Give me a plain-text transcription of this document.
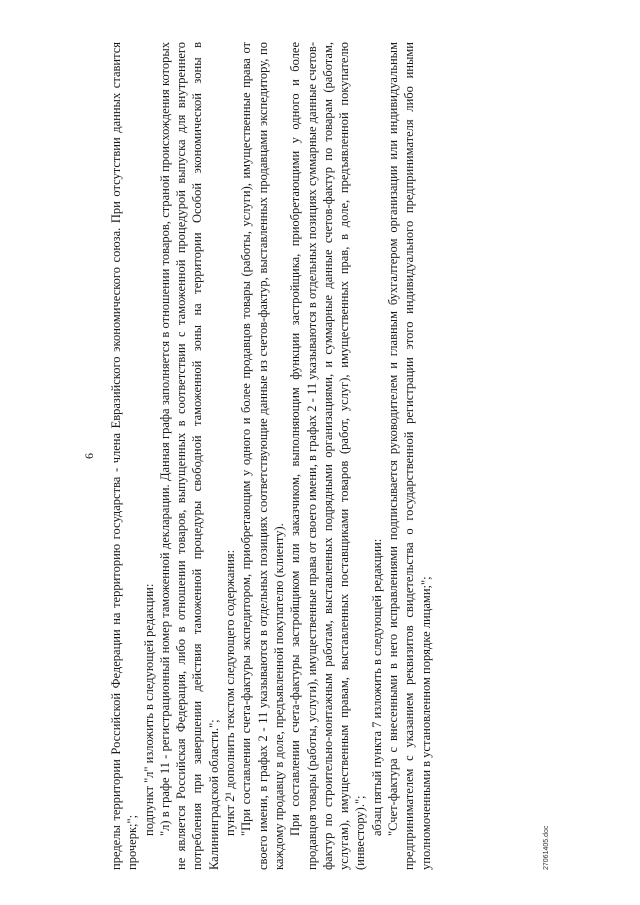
6 пределы территории Российской Федерации на территорию государства - члена Евразийского экономического союза. При отсутствии данных ставится прочерк;";

подпункт "л" изложить в следующей редакции: "л) в графе 11 - регистрационный номер таможенной декларации. Данная графа заполняется в отношении товаров, страной происхождения которых не является Российская Федерация, либо в отношении товаров, выпущенных в соответствии с таможенной процедурой выпуска для внутреннего потребления при завершении действия таможенной процедуры свободной таможенной зоны на территории Особой экономической зоны в Калининградской области."; пункт 2¹ дополнить текстом следующего содержания: "При составлении счета-фактуры экспедитором, приобретающим у одного и более продавцов товары (работы, услуги), имущественные права от своего имени, в графах 2 - 11 указываются в отдельных позициях соответствующие данные из счетов-фактур, выставленных продавцами экспедитору, по каждому продавцу в доле, предъявленной покупателю (клиенту). При составлении счета-фактуры застройщиком или заказчиком, выполняющим функции застройщика, приобретающими у одного и более продавцов товары (работы, услуги), имущественные права от своего имени, в графах 2 - 11 указываются в отдельных позициях суммарные данные счетов-фактур по строительно-монтажным работам, выставленных подрядными организациями, и суммарные данные счетов-фактур по товарам (работам, услугам), имущественным правам, выставленных поставщиками товаров (работ, услуг), имущественных прав, в доле, предъявленной покупателю (инвестору)."; абзац пятый пункта 7 изложить в следующей редакции: "Счет-фактура с внесенными в него исправлениями подписывается руководителем и главным бухгалтером организации или индивидуальным предпринимателем с указанием реквизитов свидетельства о государственной регистрации этого индивидуального предпринимателя либо иными уполномоченными в установленном порядке лицами;";	27061405.doc
